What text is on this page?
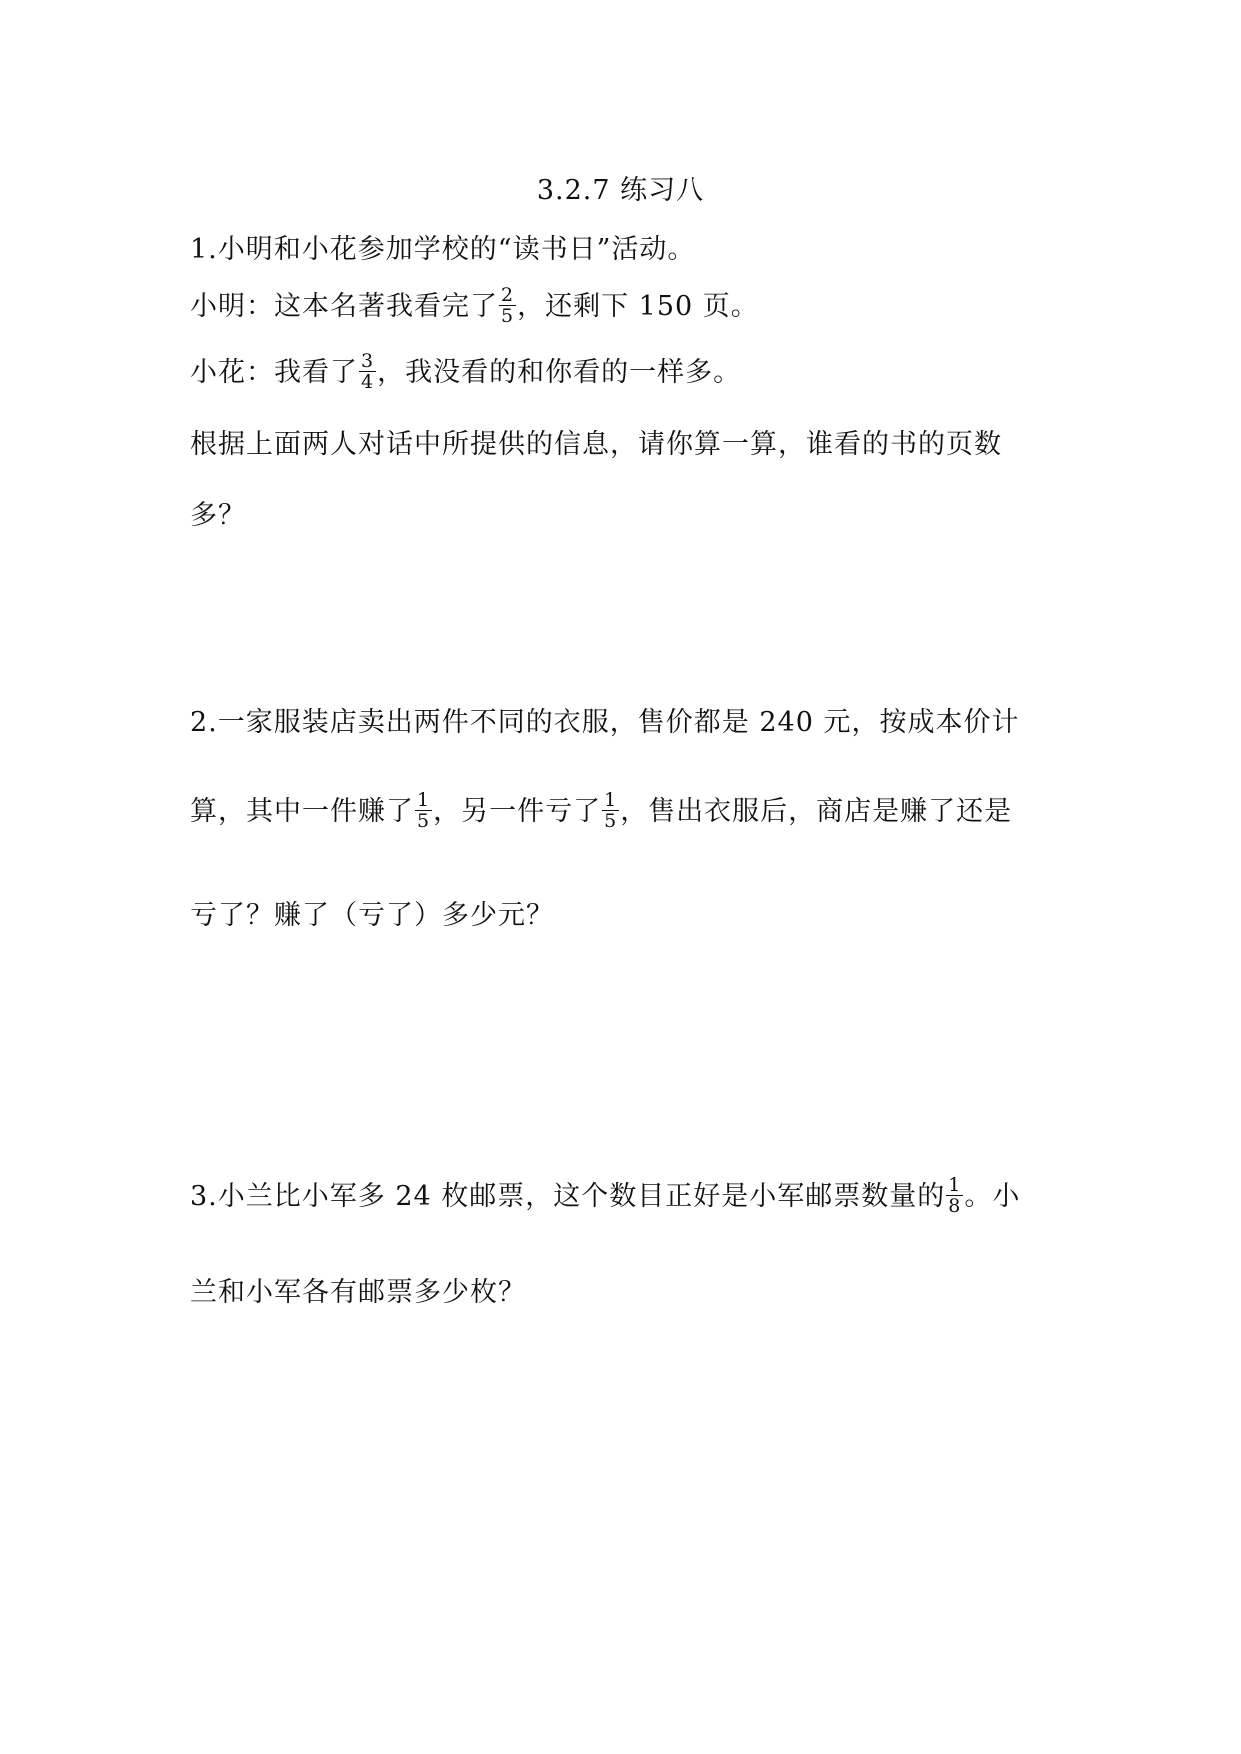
3.2.7 练习八
1.小明和小花参加学校的“读书日”活动。
小明：这本名著我看完了 $\frac{2}{5}$ ，还剩下 150 页。
小花：我看了 $\frac{3}{4}$ ，我没看的和你看的一样多。
根据上面两人对话中所提供的信息，请你算一算，谁看的书的页数
多？
2.一家服装店卖出两件不同的衣服，售价都是 240 元，按成本价计
算，其中一件赚了 $\frac{1}{5}$ ，另一件亏了 $\frac{1}{5}$ ，售出衣服后，商店是赚了还是
亏了？赚了（亏了）多少元？
3.小兰比小军多 24 枚邮票，这个数目正好是小军邮票数量的 $\frac{1}{8}$ 。小
兰和小军各有邮票多少枚？
